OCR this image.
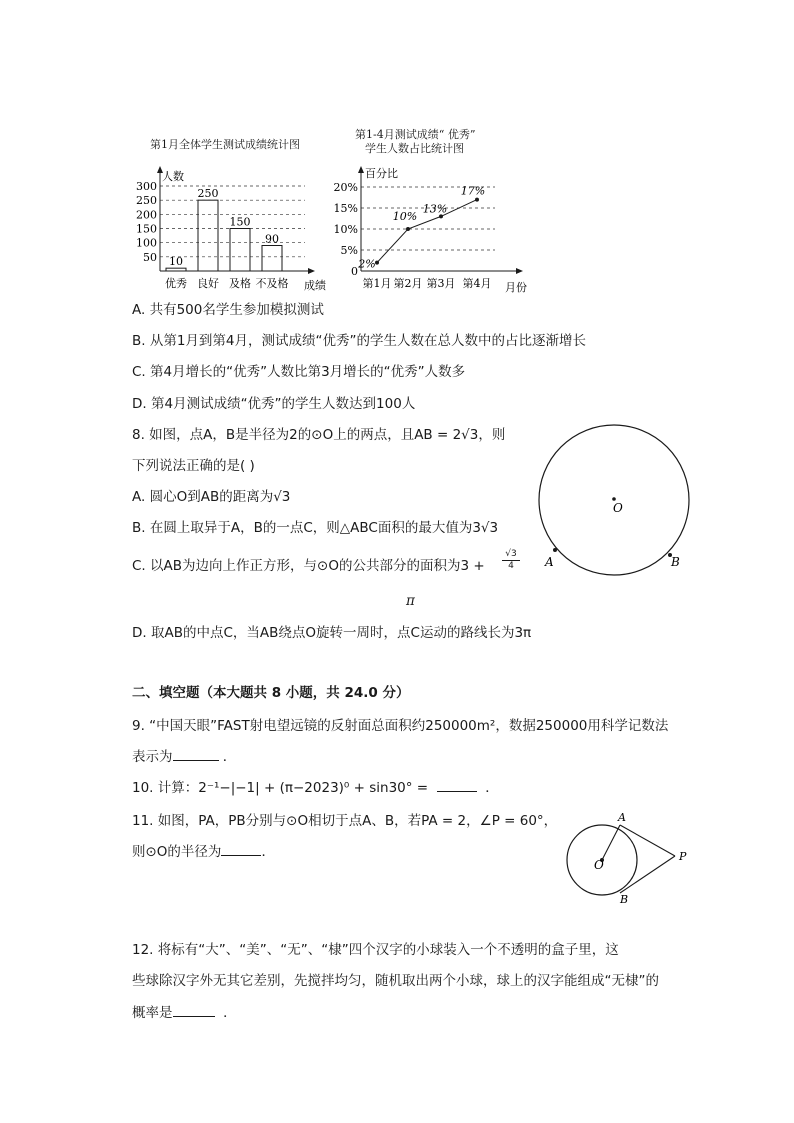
第1月全体学生测试成绩统计图
第1-4月测试成绩“ 优秀”
学生人数占比统计图
50
100
150
200
250
300
人数
成绩
10
优秀
250
良好
150
及格
90
不及格
0
5%
10%
15%
20%
百分比
月份
2%
第1月
10%
第2月
13%
第3月
17%
第4月
A. 共有500名学生参加模拟测试
B. 从第1月到第4月，测试成绩“优秀”的学生人数在总人数中的占比逐渐增长
C. 第4月增长的“优秀”人数比第3月增长的“优秀”人数多
D. 第4月测试成绩“优秀”的学生人数达到100人
8. 如图，点A，B是半径为2的⊙O上的两点，且AB = 2√3，则
下列说法正确的是( )
A. 圆心O到AB的距离为√3
B. 在圆上取异于A，B的一点C，则△ABC面积的最大值为3√3
C. 以AB为边向上作正方形，与⊙O的公共部分的面积为$3 + \frac{√3}{4}$
π
D. 取AB的中点C，当AB绕点O旋转一周时，点C运动的路线长为3π
O
A	B
二、填空题（本大题共 8 小题，共 24.0 分）
9. “中国天眼”FAST射电望远镜的反射面总面积约250000m²，数据250000用科学记数法
表示为	．
10. 计算：2⁻¹−|−1| + (π−2023)⁰ + sin30° =	．
11. 如图，PA，PB分别与⊙O相切于点A、B，若PA = 2，∠P = 60°，
则⊙O的半径为	．
O
A
B
P
12. 将标有“大”、“美”、“无”、“棣”四个汉字的小球装入一个不透明的盒子里，这
些球除汉字外无其它差别，先搅拌均匀，随机取出两个小球，球上的汉字能组成“无棣”的
概率是	．
